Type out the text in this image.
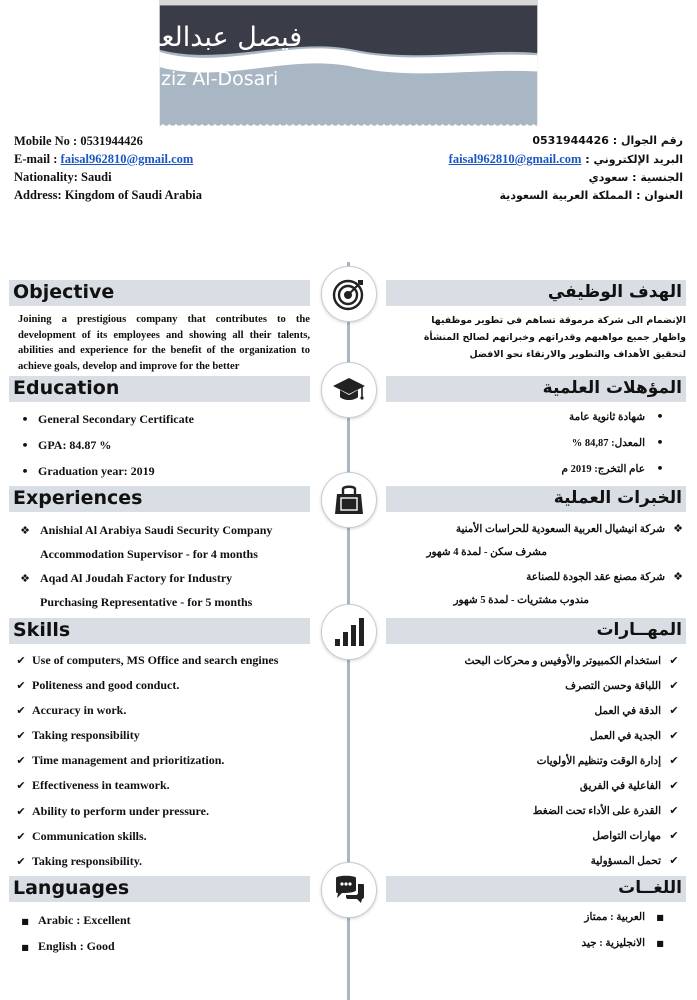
فيصل عبدالعزيز الدوسري
Faisal Abdulaziz Al-Dosari
Mobile No : 0531944426
E-mail : faisal962810@gmail.com
Nationality: Saudi
Address: Kingdom of Saudi Arabia
رقم الجوال : 0531944426
البريد الإلكتروني : faisal962810@gmail.com
الجنسية : سعودي
العنوان : المملكة العربية السعودية
Objective	الهدف الوظيفي
Joining a prestigious company that contributes to the development of its employees and showing all their talents, abilities and experience for the benefit of the organization to achieve goals, develop and improve for the better
الإنضمام الى شركة مرموقة تساهم في تطوير موظفيها واظهار جميع مواهبهم وقدراتهم وخبراتهم لصالح المنشأة لتحقيق الأهداف والتطوير والارتقاء نحو الافضل
Education	المؤهلات العلمية
• General Secondary Certificate
• GPA: 84.87 %
• Graduation year: 2019
•شهادة ثانوية عامة
•المعدل: 84,87 %
•عام التخرج: 2019 م
Experiences	الخبرات العملية
❖ Anishial Al Arabiya Saudi Security Company
Accommodation Supervisor - for 4 months
❖ Aqad Al Joudah Factory for Industry
Purchasing Representative - for 5 months
❖شركة انيشيال العربية السعودية للحراسات الأمنية
مشرف سكن - لمدة 4 شهور
❖شركة مصنع عقد الجودة للصناعة
مندوب مشتريات - لمدة 5 شهور
Skills	المهــارات
✔ Use of computers, MS Office and search engines
✔ Politeness and good conduct.
✔ Accuracy in work.
✔ Taking responsibility
✔ Time management and prioritization.
✔ Effectiveness in teamwork.
✔ Ability to perform under pressure.
✔ Communication skills.
✔ Taking responsibility.
✔استخدام الكمبيوتر والأوفيس و محركات البحث
✔اللباقة وحسن التصرف
✔الدقة في العمل
✔الجدية في العمل
✔إدارة الوقت وتنظيم الأولويات
✔الفاعلية في الفريق
✔القدرة على الأداء تحت الضغط
✔مهارات التواصل
✔تحمل المسؤولية
Languages	اللغــات
■ Arabic : Excellent
■ English : Good
■العربية : ممتاز
■الانجليزية : جيد
